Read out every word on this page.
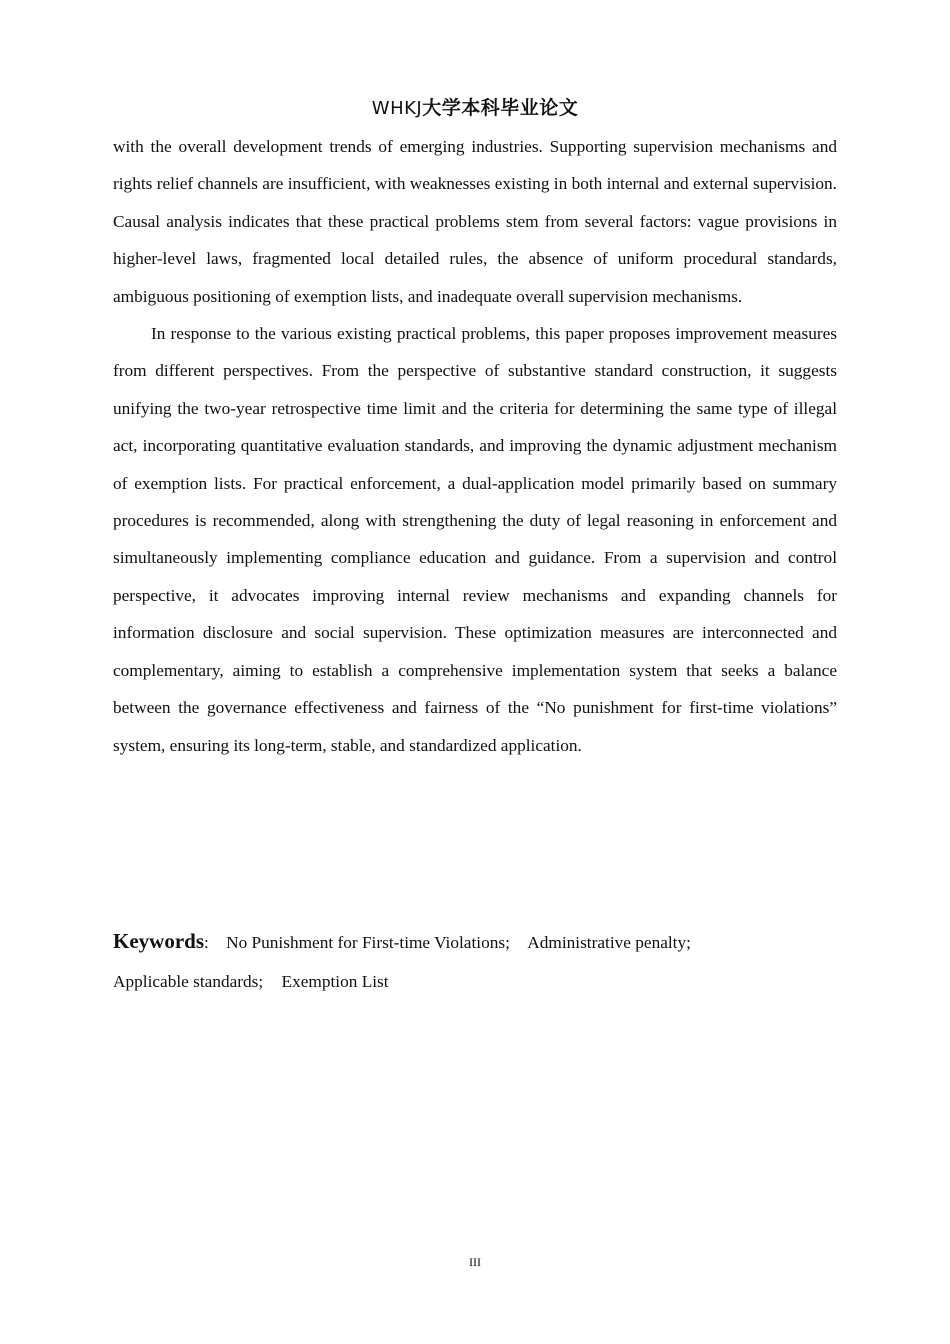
WHKJ大学本科毕业论文

with the overall development trends of emerging industries. Supporting supervision mechanisms and rights relief channels are insufficient, with weaknesses existing in both internal and external supervision. Causal analysis indicates that these practical problems stem from several factors: vague provisions in higher-level laws, fragmented local detailed rules, the absence of uniform procedural standards, ambiguous positioning of exemption lists, and inadequate overall supervision mechanisms.

In response to the various existing practical problems, this paper proposes improvement measures from different perspectives. From the perspective of substantive standard construction, it suggests unifying the two-year retrospective time limit and the criteria for determining the same type of illegal act, incorporating quantitative evaluation standards, and improving the dynamic adjustment mechanism of exemption lists. For practical enforcement, a dual-application model primarily based on summary procedures is recommended, along with strengthening the duty of legal reasoning in enforcement and simultaneously implementing compliance education and guidance. From a supervision and control perspective, it advocates improving internal review mechanisms and expanding channels for information disclosure and social supervision. These optimization measures are interconnected and complementary, aiming to establish a comprehensive implementation system that seeks a balance between the governance effectiveness and fairness of the “No punishment for first-time violations” system, ensuring its long-term, stable, and standardized application.

Keywords: No Punishment for First-time Violations; Administrative penalty;
Applicable standards; Exemption List
III
